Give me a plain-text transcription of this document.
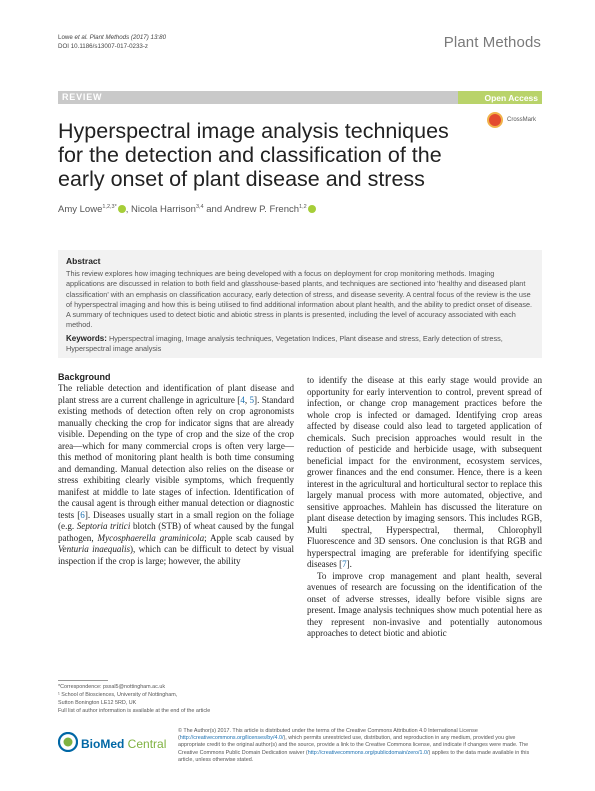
Lowe et al. Plant Methods (2017) 13:80
DOI 10.1186/s13007-017-0233-z	Plant Methods
REVIEW	Open Access
CrossMark
Hyperspectral image analysis techniques for the detection and classification of the early onset of plant disease and stress
Amy Lowe$^{1,2,3*}$ , Nicola Harrison$^{3,4}$ and Andrew P. French$^{1,2}$
Abstract
This review explores how imaging techniques are being developed with a focus on deployment for crop monitoring methods. Imaging applications are discussed in relation to both field and glasshouse-based plants, and techniques are sectioned into 'healthy and diseased plant classification' with an emphasis on classification accuracy, early detection of stress, and disease severity. A central focus of the review is the use of hyperspectral imaging and how this is being utilised to find additional information about plant health, and the ability to predict onset of disease. A summary of techniques used to detect biotic and abiotic stress in plants is presented, including the level of accuracy associated with each method.
Keywords: Hyperspectral imaging, Image analysis techniques, Vegetation Indices, Plant disease and stress, Early detection of stress, Hyperspectral image analysis
Background

The reliable detection and identification of plant disease and plant stress are a current challenge in agriculture [4, 5]. Standard existing methods of detection often rely on crop agronomists manually checking the crop for indicator signs that are already visible. Depending on the type of crop and the size of the crop area—which for many commercial crops is often very large—this method of monitoring plant health is both time consuming and demanding. Manual detection also relies on the disease or stress exhibiting clearly visible symptoms, which frequently manifest at middle to late stages of infection. Identification of the causal agent is through either manual detection or diagnostic tests [6]. Diseases usually start in a small region on the foliage (e.g. Septoria tritici blotch (STB) of wheat caused by the fungal pathogen, Mycosphaerella graminicola; Apple scab caused by Venturia inaequalis), which can be difficult to detect by visual inspection if the crop is large; however, the ability

to identify the disease at this early stage would provide an opportunity for early intervention to control, prevent spread of infection, or change crop management practices before the whole crop is infected or damaged. Identifying crop areas affected by disease could also lead to targeted application of chemicals. Such precision approaches would result in the reduction of pesticide and herbicide usage, with subsequent beneficial impact for the environment, ecosystem services, grower finances and the end consumer. Hence, there is a keen interest in the agricultural and horticultural sector to replace this largely manual process with more automated, objective, and sensitive approaches. Mahlein has discussed the literature on plant disease detection by imaging sensors. This includes RGB, Multi spectral, Hyperspectral, thermal, Chlorophyll Fluorescence and 3D sensors. One conclusion is that RGB and hyperspectral imaging are preferable for identifying specific diseases [7].

To improve crop management and plant health, several avenues of research are focussing on the identification of the onset of adverse stresses, ideally before visible signs are present. Image analysis techniques show much potential here as they represent non-invasive and potentially autonomous approaches to detect biotic and abiotic

*Correspondence: psxal5@nottingham.ac.uk
¹ School of Biosciences, University of Nottingham,
Sutton Bonington LE12 5RD, UK
Full list of author information is available at the end of the article
BioMed Central
© The Author(s) 2017. This article is distributed under the terms of the Creative Commons Attribution 4.0 International License (http://creativecommons.org/licenses/by/4.0/), which permits unrestricted use, distribution, and reproduction in any medium, provided you give appropriate credit to the original author(s) and the source, provide a link to the Creative Commons license, and indicate if changes were made. The Creative Commons Public Domain Dedication waiver (http://creativecommons.org/publicdomain/zero/1.0/) applies to the data made available in this article, unless otherwise stated.
